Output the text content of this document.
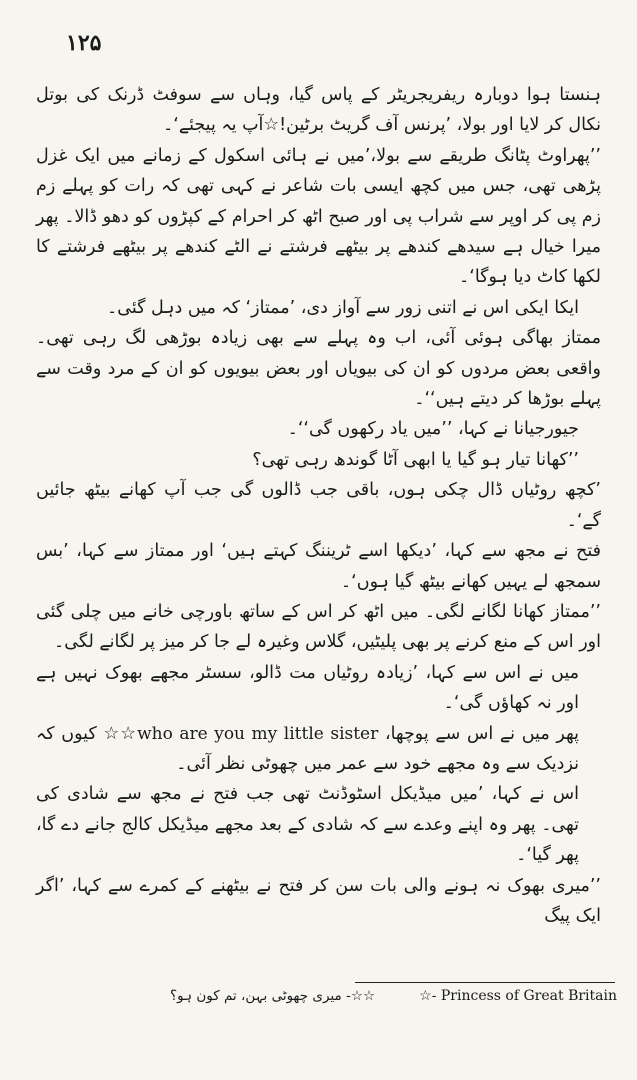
۱۲۵

ہنستا ہوا دوبارہ ریفریجریٹر کے پاس گیا، وہاں سے سوفٹ ڈرنک کی بوتل نکال کر لایا اور بولا، ’پرنس آف گریٹ برٹین!☆آپ یہ پیجئے‘۔

’’پھراوٹ پٹانگ طریقے سے بولا،’میں نے ہائی اسکول کے زمانے میں ایک غزل پڑھی تھی، جس میں کچھ ایسی بات شاعر نے کہی تھی کہ رات کو پہلے زم زم پی کر اوپر سے شراب پی اور صبح اٹھ کر احرام کے کپڑوں کو دھو ڈالا۔ پھر میرا خیال ہے سیدھے کندھے پر بیٹھے فرشتے نے الٹے کندھے پر بیٹھے فرشتے کا لکھا کاٹ دیا ہوگا‘۔

ایکا ایکی اس نے اتنی زور سے آواز دی، ’ممتاز‘ کہ میں دہل گئی۔

ممتاز بھاگی ہوئی آئی، اب وہ پہلے سے بھی زیادہ بوڑھی لگ رہی تھی۔ واقعی بعض مردوں کو ان کی بیویاں اور بعض بیویوں کو ان کے مرد وقت سے پہلے بوڑھا کر دیتے ہیں‘‘۔

جیورجیانا نے کہا، ’’میں یاد رکھوں گی‘‘۔

’’کھانا تیار ہو گیا یا ابھی آٹا گوندھ رہی تھی؟

’کچھ روٹیاں ڈال چکی ہوں، باقی جب ڈالوں گی جب آپ کھانے بیٹھ جائیں گے‘۔

فتح نے مجھ سے کہا، ’دیکھا اسے ٹریننگ کہتے ہیں‘ اور ممتاز سے کہا، ’بس سمجھ لے یہیں کھانے بیٹھ گیا ہوں‘۔

’’ممتاز کھانا لگانے لگی۔ میں اٹھ کر اس کے ساتھ باورچی خانے میں چلی گئی اور اس کے منع کرنے پر بھی پلیٹیں، گلاس وغیرہ لے جا کر میز پر لگانے لگی۔

میں نے اس سے کہا، ’زیادہ روٹیاں مت ڈالو، سسٹر مجھے بھوک نہیں ہے اور نہ کھاؤں گی‘۔

پھر میں نے اس سے پوچھا، who are you my little sister☆☆ کیوں کہ نزدیک سے وہ مجھے خود سے عمر میں چھوٹی نظر آئی۔

اس نے کہا، ’میں میڈیکل اسٹوڈنٹ تھی جب فتح نے مجھ سے شادی کی تھی۔ پھر وہ اپنے وعدے سے کہ شادی کے بعد مجھے میڈیکل کالج جانے دے گا، پھر گیا‘۔

’’میری بھوک نہ ہونے والی بات سن کر فتح نے بیٹھنے کے کمرے سے کہا، ’اگر ایک پیگ

☆- Princess of Great Britain
☆☆- میری چھوٹی بہن، تم کون ہو؟
